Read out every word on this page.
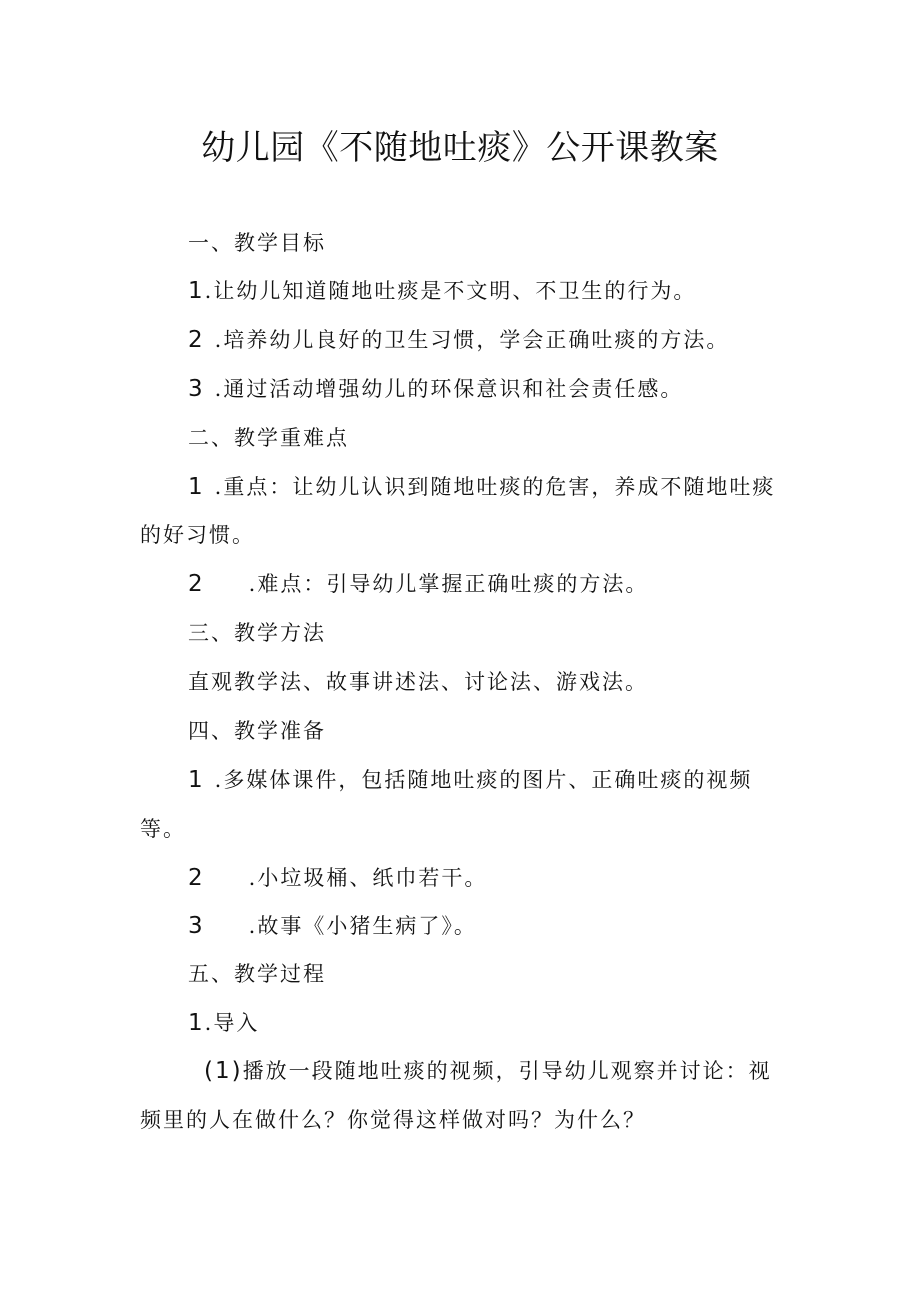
幼儿园《不随地吐痰》公开课教案
一、教学目标
1.让幼儿知道随地吐痰是不文明、不卫生的行为。
2 .培养幼儿良好的卫生习惯，学会正确吐痰的方法。
3 .通过活动增强幼儿的环保意识和社会责任感。
二、教学重难点
1 .重点：让幼儿认识到随地吐痰的危害，养成不随地吐痰
的好习惯。
2 .难点：引导幼儿掌握正确吐痰的方法。
三、教学方法
直观教学法、故事讲述法、讨论法、游戏法。
四、教学准备
1 .多媒体课件，包括随地吐痰的图片、正确吐痰的视频
等。
2 .小垃圾桶、纸巾若干。
3 .故事《小猪生病了》。
五、教学过程
1.导入
(1)播放一段随地吐痰的视频，引导幼儿观察并讨论：视
频里的人在做什么？你觉得这样做对吗？为什么？
